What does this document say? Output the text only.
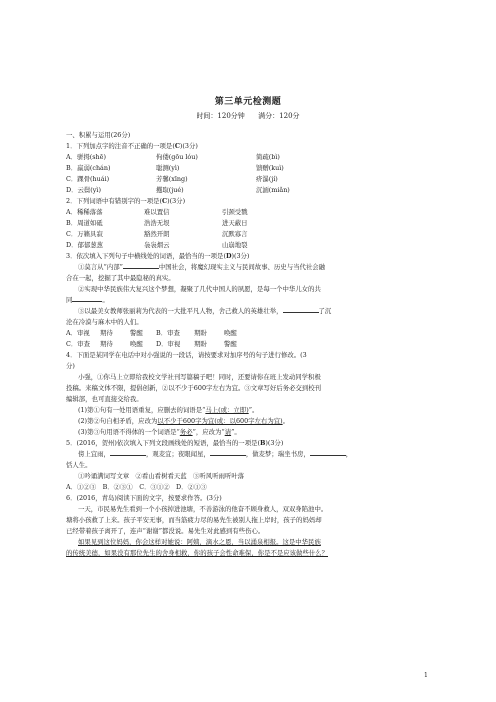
第三单元检测题
时间：120分钟 满分：120分
一、积累与运用(26分)
1．下列加点字的注音不正确的一项是(C)(3分)
A．骈拇(shē)	佝偻(gōu lóu)	简疏(bì)
B．羸弱(chán)	聪测(yì)	馈赠(kuì)
C．踝骨(huái)	芳馨(xīng)	疥瀑(jí)
D．云鬓(yì)	攫取(jué)	沉湎(miǎn)
2．下列词语中有错别字的一项是(C)(3分)
A．稀稀落落	难以置信	引颈受戮
B．周道如砥	浩浩无垠	进天蔽日
C．万籁具寂	豁然开朗	沉默寡言
D．郁郁葱葱	袅袅烟云	山崩地裂
3．依次填入下列句子中横线处的词语，最恰当的一项是(D)(3分)
①莫言从“内部”	中国社会，将魔幻现实主义与民间故事、历史与当代社会融
合在一起，挖掘了其中最隐秘的真实。
②实现中华民族伟大复兴这个梦想，凝聚了几代中国人的夙愿，是每一个中华儿女的共
同	。
③以最美女教师张丽莉为代表的一大批平凡人物，舍己救人的英雄壮举，	了沉
沦在冷漠与麻木中的人们。
A．审视 期待	警醒 B．审查 期盼	唤醒
C．审查 期待	唤醒 D．审视 期盼	警醒
4．下面是某同学在电话中对小强说的一段话，请按要求对加序号的句子进行修改。(3
分)
小强，①你马上立即给我校文学社刊写篇稿子吧！同时，还要请你在班上发动同学积极
投稿。来稿文体不限，提倡创新，②以不少于600字左右为宜。③文章写好后务必交到校刊
编辑部，也可直接交给我。
(1)第①句有一处用语重复，应删去的词语是“马上(或：立即)”。
(2)第②句自相矛盾，应改为以不少于600字为宜(或：以600字左右为宜)。
(3)第③句用语不得体的一个词语是“务必”，应改为“请”。
5．(2016，贺州)依次填入下列文段画线处的短语，最恰当的一项是(B)(3分)
傍上宜雨，	，观麦宜；夜眼闻星，	，做麦梦；瑞坐书房，	，
恬人生。
①吟诵满词写文章　②看山看树看天蓝　③听风听雨听叶落
A．①②③　B．②③①　C．③①②　D．②①③
6．(2016，青岛)阅读下面的文字，按要求作答。(3分)
一天，市民易先生看到一个小孩掉进池塘，不善游泳的他奋不顾身救人，双双身陷池中。
塘将小孩救了上来。孩子平安无事，而当筋疲力尽的易先生被别人拖上岸时，孩子的妈妈却
已经带着孩子离开了，连声“谢谢”都没说。易先生对此感到有些伤心。
如果见到这位妈妈，你会这样对她说：阿姨，滴水之恩，当以涌泉相报。这是中华民族
的传统美德，如果没有那位先生的舍身相救，你的孩子会性命难保，你是不是应该做些什么？
1
